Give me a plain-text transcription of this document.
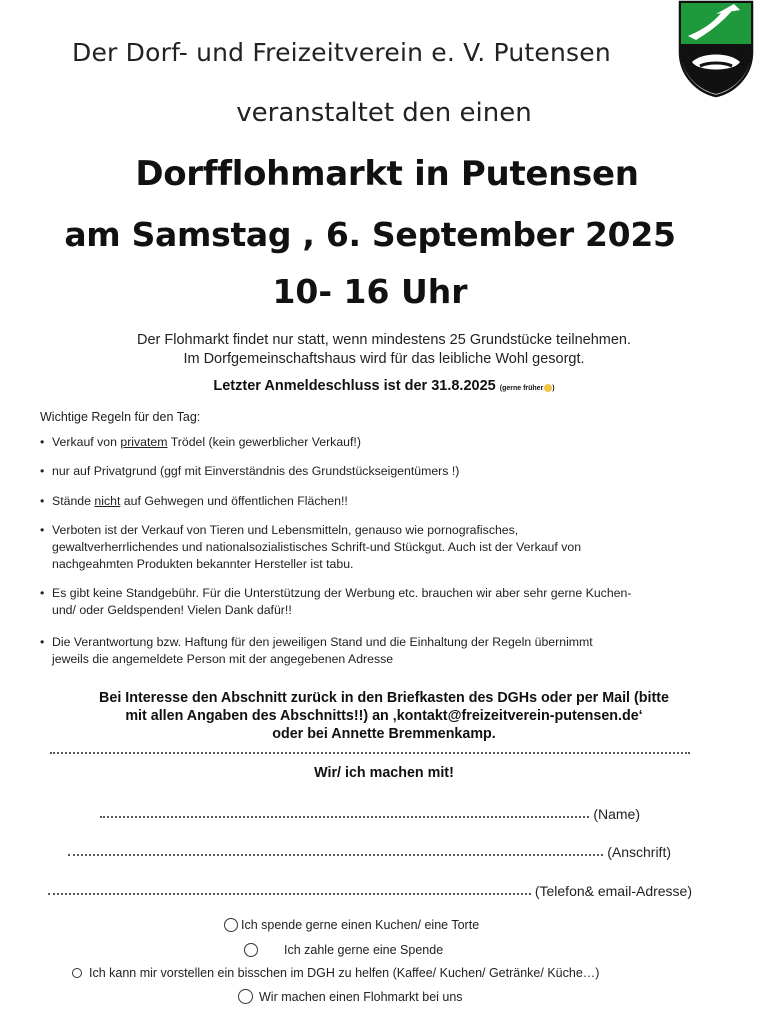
Der Dorf- und Freizeitverein e. V. Putensen
veranstaltet den einen
Dorfflohmarkt in Putensen
am Samstag , 6. September 2025
10- 16 Uhr
Der Flohmarkt findet nur statt, wenn mindestens 25 Grundstücke teilnehmen.
Im Dorfgemeinschaftshaus wird für das leibliche Wohl gesorgt.
Letzter Anmeldeschluss ist der 31.8.2025 (gerne früher )
Wichtige Regeln für den Tag:
• Verkauf von privatem Trödel (kein gewerblicher Verkauf!)
• nur auf Privatgrund (ggf mit Einverständnis des Grundstückseigentümers !)
• Stände nicht auf Gehwegen und öffentlichen Flächen!!
• Verboten ist der Verkauf von Tieren und Lebensmitteln, genauso wie pornografisches,
gewaltverherrlichendes und nationalsozialistisches Schrift-und Stückgut. Auch ist der Verkauf von
nachgeahmten Produkten bekannter Hersteller ist tabu.
• Es gibt keine Standgebühr. Für die Unterstützung der Werbung etc. brauchen wir aber sehr gerne Kuchen-
und/ oder Geldspenden! Vielen Dank dafür!!
• Die Verantwortung bzw. Haftung für den jeweiligen Stand und die Einhaltung der Regeln übernimmt
jeweils die angemeldete Person mit der angegebenen Adresse
Bei Interesse den Abschnitt zurück in den Briefkasten des DGHs oder per Mail (bitte
mit allen Angaben des Abschnitts!!) an ‚kontakt@freizeitverein-putensen.de‘
oder bei Annette Bremmenkamp.
Wir/ ich machen mit!
(Name)
(Anschrift)
(Telefon& email-Adresse)
Ich spende gerne einen Kuchen/ eine Torte
Ich zahle gerne eine Spende
Ich kann mir vorstellen ein bisschen im DGH zu helfen (Kaffee/ Kuchen/ Getränke/ Küche…)
Wir machen einen Flohmarkt bei uns
